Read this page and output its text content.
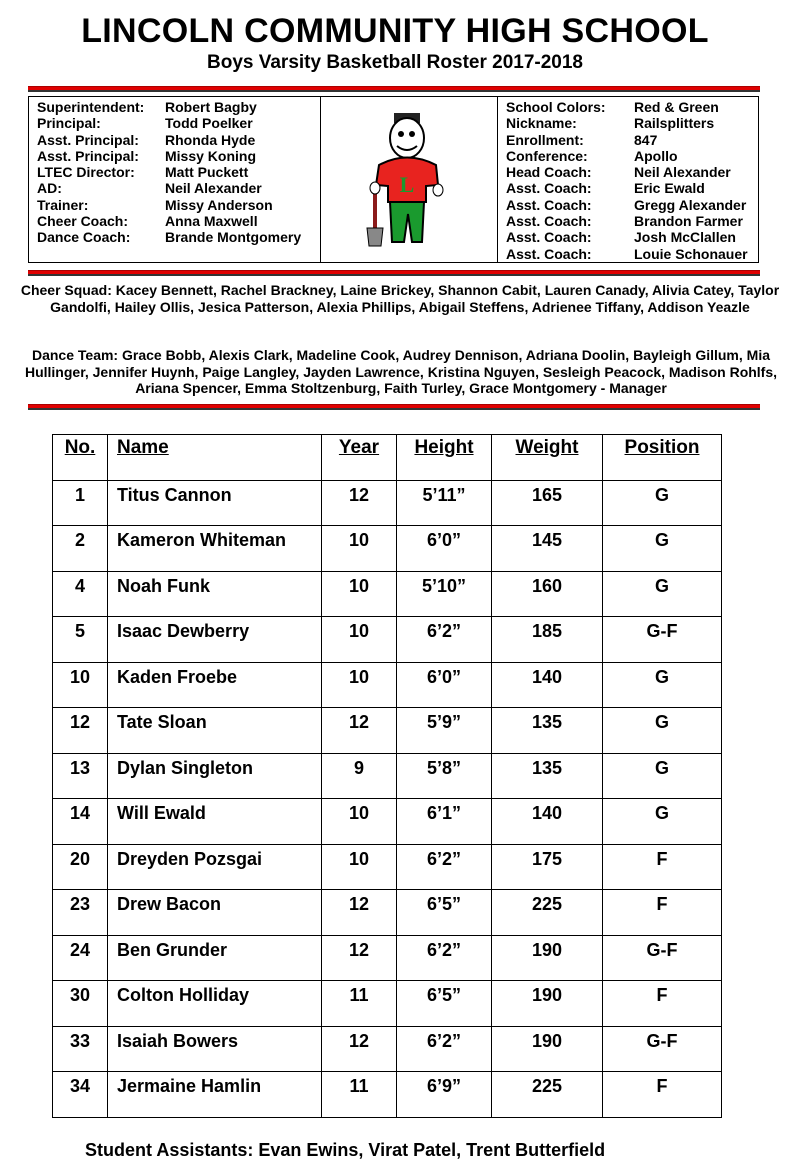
LINCOLN COMMUNITY HIGH SCHOOL
Boys Varsity Basketball Roster 2017-2018
Superintendent:	Robert Bagby
Principal:	Todd Poelker
Asst. Principal:	Rhonda Hyde
Asst. Principal:	Missy Koning
LTEC Director:	Matt Puckett
AD:	Neil Alexander
Trainer:	Missy Anderson
Cheer Coach:	Anna Maxwell
Dance Coach:	Brande Montgomery
L
School Colors:	Red & Green
Nickname:	Railsplitters
Enrollment:	847
Conference:	Apollo
Head Coach:	Neil Alexander
Asst. Coach:	Eric Ewald
Asst. Coach:	Gregg Alexander
Asst. Coach:	Brandon Farmer
Asst. Coach:	Josh McClallen
Asst. Coach:	Louie Schonauer
Cheer Squad: Kacey Bennett, Rachel Brackney, Laine Brickey, Shannon Cabit, Lauren Canady, Alivia Catey, Taylor Gandolfi, Hailey Ollis, Jesica Patterson, Alexia Phillips, Abigail Steffens, Adrienee Tiffany, Addison Yeazle
Dance Team: Grace Bobb, Alexis Clark, Madeline Cook, Audrey Dennison, Adriana Doolin, Bayleigh Gillum, Mia Hullinger, Jennifer Huynh, Paige Langley, Jayden Lawrence, Kristina Nguyen, Sesleigh Peacock, Madison Rohlfs, Ariana Spencer, Emma Stoltzenburg, Faith Turley, Grace Montgomery - Manager
No.	Name	Year	Height	Weight	Position
1	Titus Cannon	12	5’11”	165	G
2	Kameron Whiteman	10	6’0”	145	G
4	Noah Funk	10	5’10”	160	G
5	Isaac Dewberry	10	6’2”	185	G-F
10	Kaden Froebe	10	6’0”	140	G
12	Tate Sloan	12	5’9”	135	G
13	Dylan Singleton	9	5’8”	135	G
14	Will Ewald	10	6’1”	140	G
20	Dreyden Pozsgai	10	6’2”	175	F
23	Drew Bacon	12	6’5”	225	F
24	Ben Grunder	12	6’2”	190	G-F
30	Colton Holliday	11	6’5”	190	F
33	Isaiah Bowers	12	6’2”	190	G-F
34	Jermaine Hamlin	11	6’9”	225	F
Student Assistants: Evan Ewins, Virat Patel, Trent Butterfield
